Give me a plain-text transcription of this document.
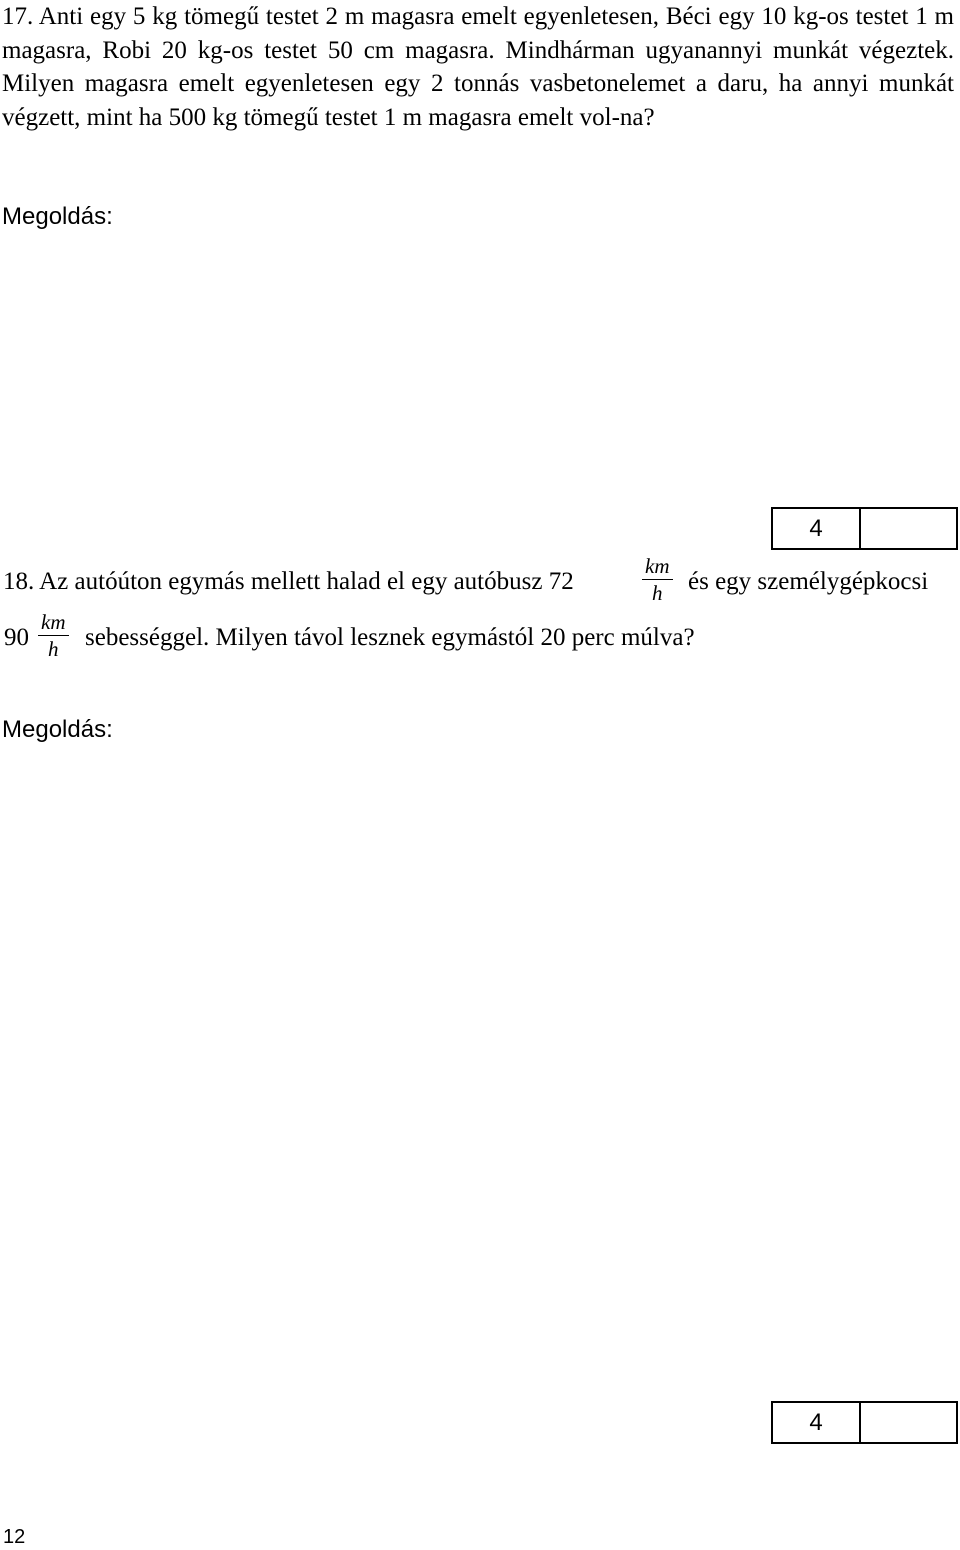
17. Anti egy 5 kg tömegű testet 2 m magasra emelt egyenletesen, Béci egy 10 kg-os testet 1 m magasra, Robi 20 kg-os testet 50 cm magasra. Mindhárman ugyanannyi munkát végeztek. Milyen magasra emelt egyenletesen egy 2 tonnás vasbetonelemet a daru, ha annyi munkát végzett, mint ha 500 kg tömegű testet 1 m magasra emelt vol-na?

Megoldás:
4
18. Az autóúton egymás mellett halad el egy autóbusz 72	$\frac{km}{h}$ és egy személygépkocsi
$90 \frac{km}{h}$ sebességgel. Milyen távol lesznek egymástól 20 perc múlva?
Megoldás:
4
12
